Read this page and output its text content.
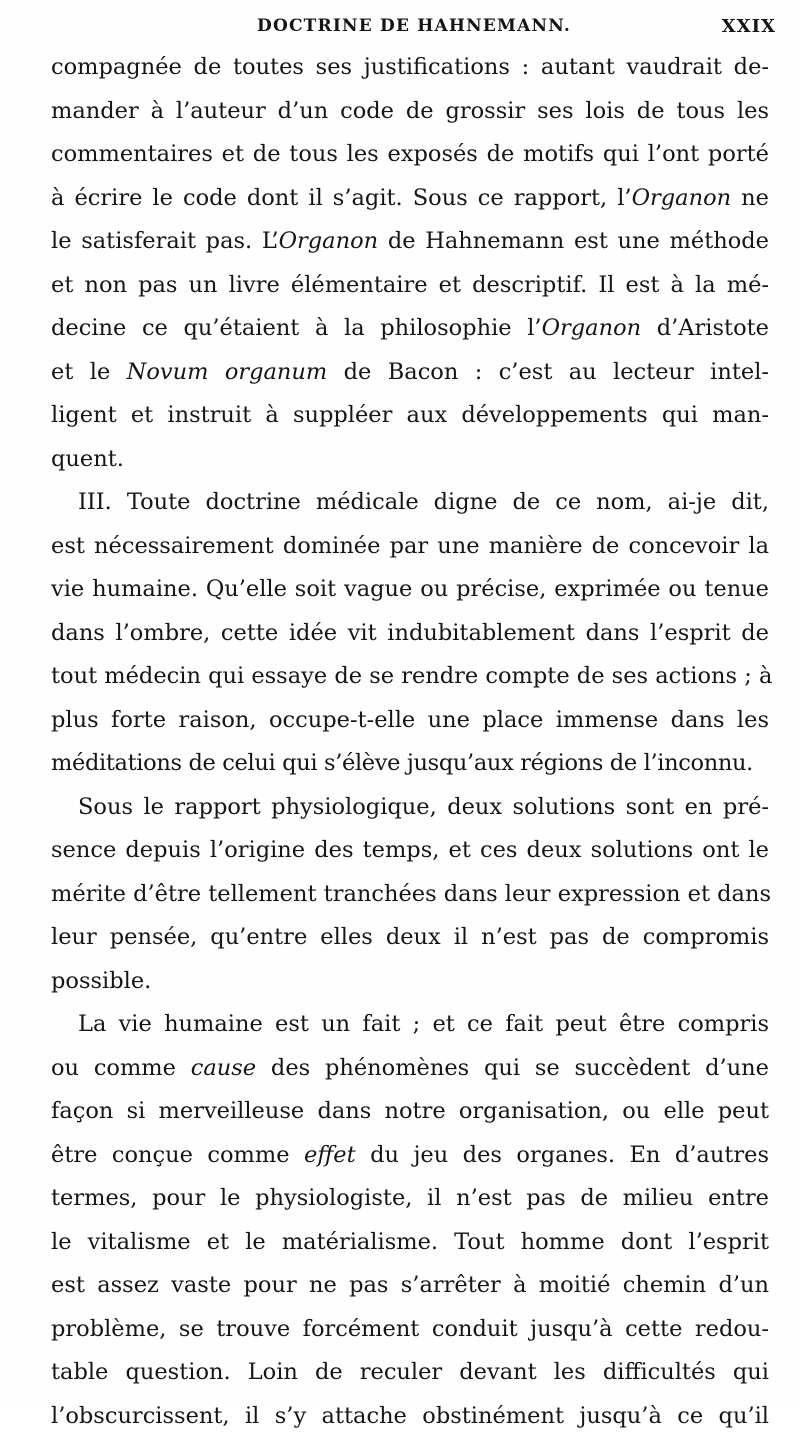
DOCTRINE DE HAHNEMANN.	XXIX
compagnée de toutes ses justifications : autant vaudrait de-
mander à l’auteur d’un code de grossir ses lois de tous les
commentaires et de tous les exposés de motifs qui l’ont porté
à écrire le code dont il s’agit. Sous ce rapport, l’Organon ne
le satisferait pas. L’Organon de Hahnemann est une méthode
et non pas un livre élémentaire et descriptif. Il est à la mé-
decine ce qu’étaient à la philosophie l’Organon d’Aristote
et le Novum organum de Bacon : c’est au lecteur intel-
ligent et instruit à suppléer aux développements qui man-
quent.
III. Toute doctrine médicale digne de ce nom, ai-je dit,
est nécessairement dominée par une manière de concevoir la
vie humaine. Qu’elle soit vague ou précise, exprimée ou tenue
dans l’ombre, cette idée vit indubitablement dans l’esprit de
tout médecin qui essaye de se rendre compte de ses actions ; à
plus forte raison, occupe-t-elle une place immense dans les
méditations de celui qui s’élève jusqu’aux régions de l’inconnu.
Sous le rapport physiologique, deux solutions sont en pré-
sence depuis l’origine des temps, et ces deux solutions ont le
mérite d’être tellement tranchées dans leur expression et dans
leur pensée, qu’entre elles deux il n’est pas de compromis
possible.
La vie humaine est un fait ; et ce fait peut être compris
ou comme cause des phénomènes qui se succèdent d’une
façon si merveilleuse dans notre organisation, ou elle peut
être conçue comme effet du jeu des organes. En d’autres
termes, pour le physiologiste, il n’est pas de milieu entre
le vitalisme et le matérialisme. Tout homme dont l’esprit
est assez vaste pour ne pas s’arrêter à moitié chemin d’un
problème, se trouve forcément conduit jusqu’à cette redou-
table question. Loin de reculer devant les difficultés qui
l’obscurcissent, il s’y attache obstinément jusqu’à ce qu’il
